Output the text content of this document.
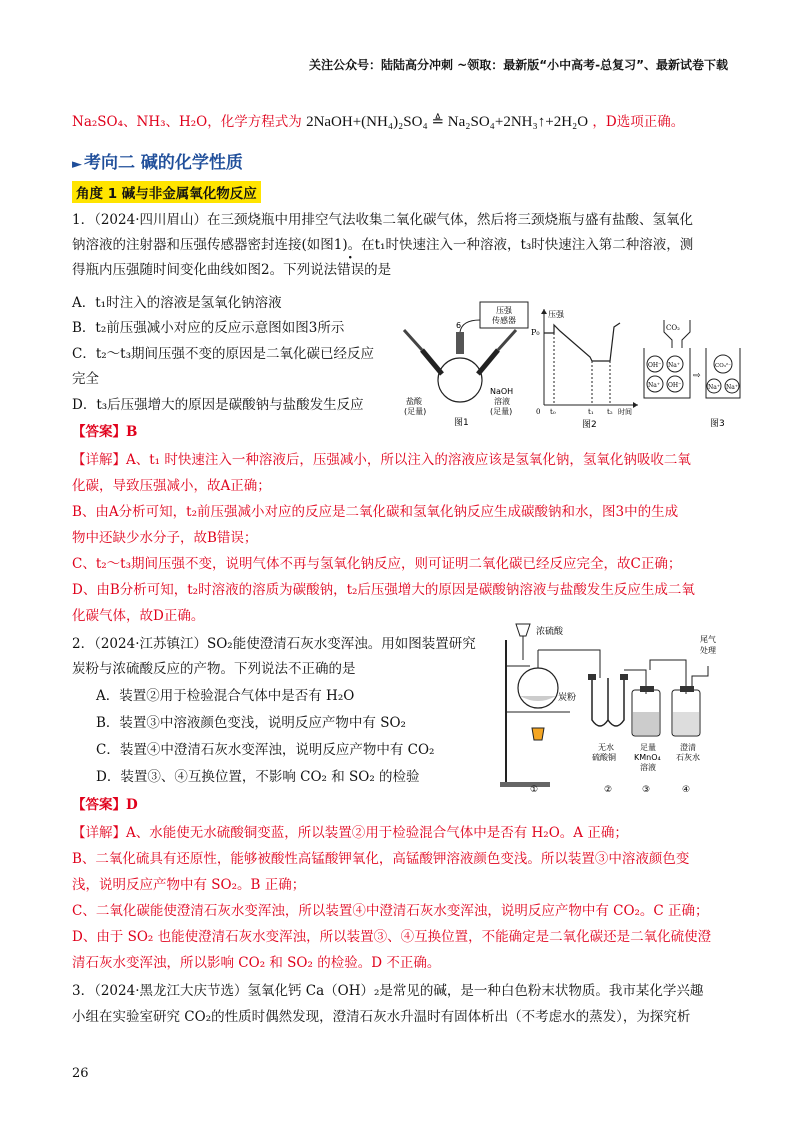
关注公众号：陆陆高分冲刺 ~领取：最新版“小中高考-总复习”、最新试卷下载
Na₂SO₄、NH₃、H₂O，化学方程式为 2NaOH+(NH₄)₂SO₄ ≜ Na₂SO₄+2NH₃↑+2H₂O ，D选项正确。
► 考向二 碱的化学性质
角度 1 碱与非金属氧化物反应
1．（2024·四川眉山）在三颈烧瓶中用排空气法收集二氧化碳气体，然后将三颈烧瓶与盛有盐酸、氢氧化
钠溶液的注射器和压强传感器密封连接(如图1)。在t₁时快速注入一种溶液，t₃时快速注入第二种溶液，测
得瓶内压强随时间变化曲线如图2。下列说法错误的是
A．t₁时注入的溶液是氢氧化钠溶液
B．t₂前压强减小对应的反应示意图如图3所示
C．t₂～t₃期间压强不变的原因是二氧化碳已经反应
完全
D．t₃后压强增大的原因是碳酸钠与盐酸发生反应
压强传感器
6
盐酸(足量)
NaOH 溶液(足量)
图1
压强
P₀
0 t₀	t₁ t₂ 时间
图2
CO₂
OH⁻ Na⁺
Na⁺ OH⁻
⇨
CO₃²⁻
Na⁺ Na⁺
图3
【答案】B
【详解】A、t₁ 时快速注入一种溶液后，压强减小，所以注入的溶液应该是氢氧化钠，氢氧化钠吸收二氧
化碳，导致压强减小，故A正确；
B、由A分析可知，t₂前压强减小对应的反应是二氧化碳和氢氧化钠反应生成碳酸钠和水，图3中的生成
物中还缺少水分子，故B错误；
C、t₂～t₃期间压强不变，说明气体不再与氢氧化钠反应，则可证明二氧化碳已经反应完全，故C正确；
D、由B分析可知，t₂时溶液的溶质为碳酸钠，t₂后压强增大的原因是碳酸钠溶液与盐酸发生反应生成二氧
化碳气体，故D正确。
2．（2024·江苏镇江）SO₂能使澄清石灰水变浑浊。用如图装置研究
炭粉与浓硫酸反应的产物。下列说法不正确的是
A．装置②用于检验混合气体中是否有 H₂O
B．装置③中溶液颜色变浅，说明反应产物中有 SO₂
C．装置④中澄清石灰水变浑浊，说明反应产物中有 CO₂
D．装置③、④互换位置，不影响 CO₂ 和 SO₂ 的检验
浓硫酸
炭粉
尾气处理
无水硫酸铜
足量 KMnO₄ 溶液
澄清石灰水
①	②	③	④
【答案】D
【详解】A、水能使无水硫酸铜变蓝，所以装置②用于检验混合气体中是否有 H₂O。A 正确；
B、二氧化硫具有还原性，能够被酸性高锰酸钾氧化，高锰酸钾溶液颜色变浅。所以装置③中溶液颜色变
浅，说明反应产物中有 SO₂。B 正确；
C、二氧化碳能使澄清石灰水变浑浊，所以装置④中澄清石灰水变浑浊，说明反应产物中有 CO₂。C 正确；
D、由于 SO₂ 也能使澄清石灰水变浑浊，所以装置③、④互换位置，不能确定是二氧化碳还是二氧化硫使澄
清石灰水变浑浊，所以影响 CO₂ 和 SO₂ 的检验。D 不正确。
3．（2024·黑龙江大庆节选）氢氧化钙 Ca（OH）₂是常见的碱，是一种白色粉末状物质。我市某化学兴趣
小组在实验室研究 CO₂的性质时偶然发现，澄清石灰水升温时有固体析出（不考虑水的蒸发），为探究析
26
